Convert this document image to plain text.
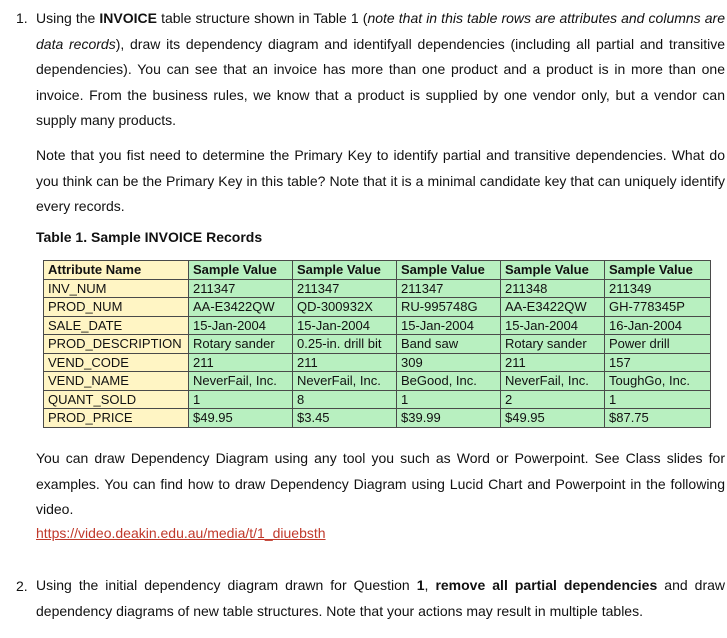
1. Using the INVOICE table structure shown in Table 1 (note that in this table rows are attributes and columns are data records), draw its dependency diagram and identifyall dependencies (including all partial and transitive dependencies). You can see that an invoice has more than one product and a product is in more than one invoice. From the business rules, we know that a product is supplied by one vendor only, but a vendor can supply many products.
Note that you fist need to determine the Primary Key to identify partial and transitive dependencies. What do you think can be the Primary Key in this table? Note that it is a minimal candidate key that can uniquely identify every records.
Table 1. Sample INVOICE Records
Attribute Name	Sample Value	Sample Value	Sample Value	Sample Value	Sample Value
INV_NUM	211347	211347	211347	211348	211349
PROD_NUM	AA-E3422QW	QD-300932X	RU-995748G	AA-E3422QW	GH-778345P
SALE_DATE	15-Jan-2004	15-Jan-2004	15-Jan-2004	15-Jan-2004	16-Jan-2004
PROD_DESCRIPTION	Rotary sander	0.25-in. drill bit	Band saw	Rotary sander	Power drill
VEND_CODE	211	211	309	211	157
VEND_NAME	NeverFail, Inc.	NeverFail, Inc.	BeGood, Inc.	NeverFail, Inc.	ToughGo, Inc.
QUANT_SOLD	1	8	1	2	1
PROD_PRICE	$49.95	$3.45	$39.99	$49.95	$87.75
You can draw Dependency Diagram using any tool you such as Word or Powerpoint. See Class slides for examples. You can find how to draw Dependency Diagram using Lucid Chart and Powerpoint in the following video.
https://video.deakin.edu.au/media/t/1_diuebsth
2. Using the initial dependency diagram drawn for Question 1, remove all partial dependencies and draw dependency diagrams of new table structures. Note that your actions may result in multiple tables.
